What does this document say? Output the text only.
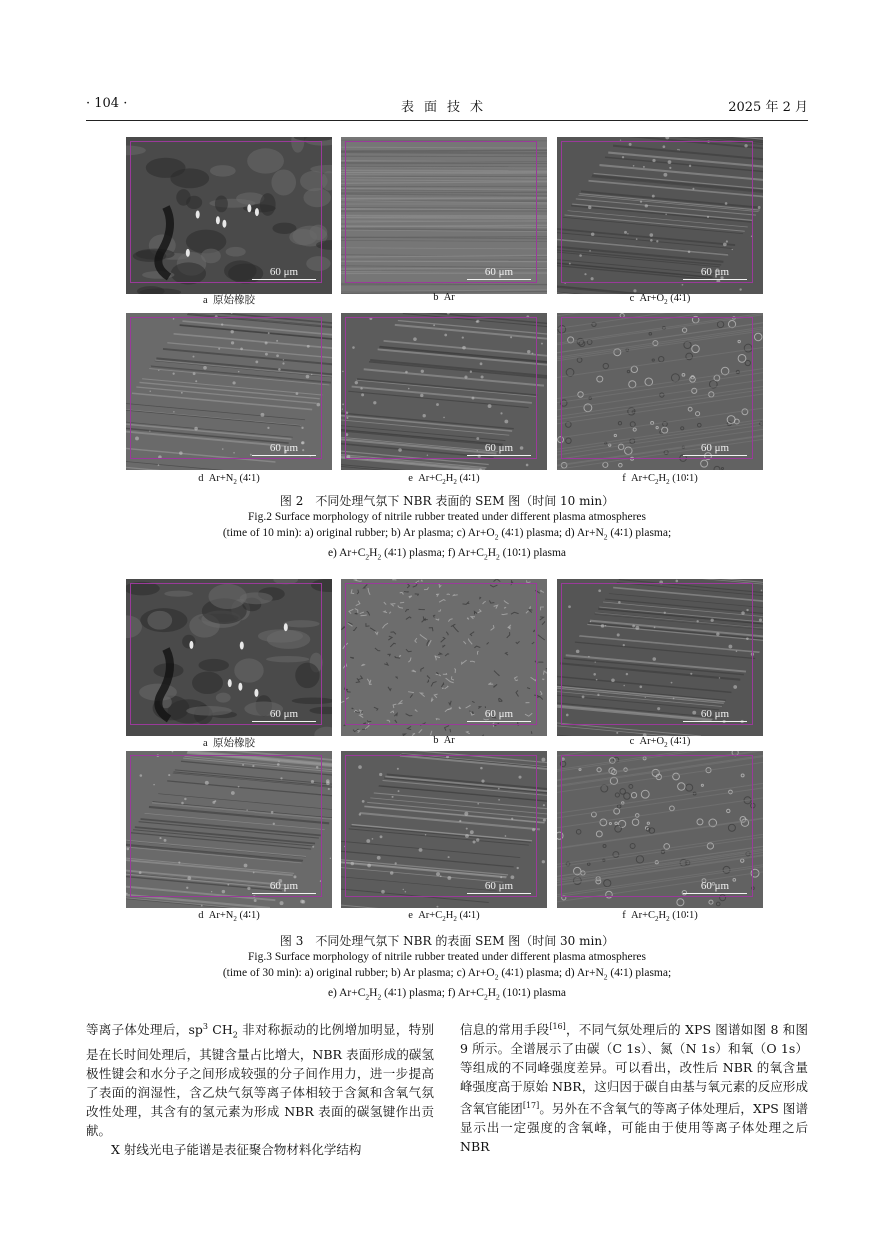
表面技术
· 104 ·	2025 年 2 月
60 μm
a  原始橡胶
60 μm
b  Ar
60 μm
c  $Ar+O_2$ (4∶1)
60 μm
d  $Ar+N_2$ (4∶1)
60 μm
e  $Ar+C_2H_2$ (4∶1)
60 μm
f  $Ar+C_2H_2$ (10∶1)
图 2　不同处理气氛下 NBR 表面的 SEM 图（时间 10 min）
Fig.2 Surface morphology of nitrile rubber treated under different plasma atmospheres
(time of 10 min): a) original rubber; b) Ar plasma; c) $Ar+O_2$ (4∶1) plasma; d) $Ar+N_2$ (4∶1) plasma;
e) $Ar+C_2H_2$ (4∶1) plasma; f) $Ar+C_2H_2$ (10∶1) plasma
60 μm
a  原始橡胶
60 μm
b  Ar
60 μm
c  $Ar+O_2$ (4∶1)
60 μm
d  $Ar+N_2$ (4∶1)
60 μm
e  $Ar+C_2H_2$ (4∶1)
60 μm
f  $Ar+C_2H_2$ (10∶1)
图 3　不同处理气氛下 NBR 的表面 SEM 图（时间 30 min）
Fig.3 Surface morphology of nitrile rubber treated under different plasma atmospheres
(time of 30 min): a) original rubber; b) Ar plasma; c) $Ar+O_2$ (4∶1) plasma; d) $Ar+N_2$ (4∶1) plasma;
e) $Ar+C_2H_2$ (4∶1) plasma; f) $Ar+C_2H_2$ (10∶1) plasma

等离子体处理后，$sp^3$ $CH_2$ 非对称振动的比例增加明显，特别是在长时间处理后，其键含量占比增大，NBR 表面形成的碳氢极性键会和水分子之间形成较强的分子间作用力，进一步提高了表面的润湿性，含乙炔气氛等离子体相较于含氮和含氧气氛改性处理，其含有的氢元素为形成 NBR 表面的碳氢键作出贡献。

X 射线光电子能谱是表征聚合物材料化学结构

信息的常用手段[16]，不同气氛处理后的 XPS 图谱如图 8 和图 9 所示。全谱展示了由碳（C 1s）、氮（N 1s）和氧（O 1s）等组成的不同峰强度差异。可以看出，改性后 NBR 的氧含量峰强度高于原始 NBR，这归因于碳自由基与氧元素的反应形成含氧官能团[17]。另外在不含氧气的等离子体处理后，XPS 图谱显示出一定强度的含氧峰，可能由于使用等离子体处理之后 NBR
